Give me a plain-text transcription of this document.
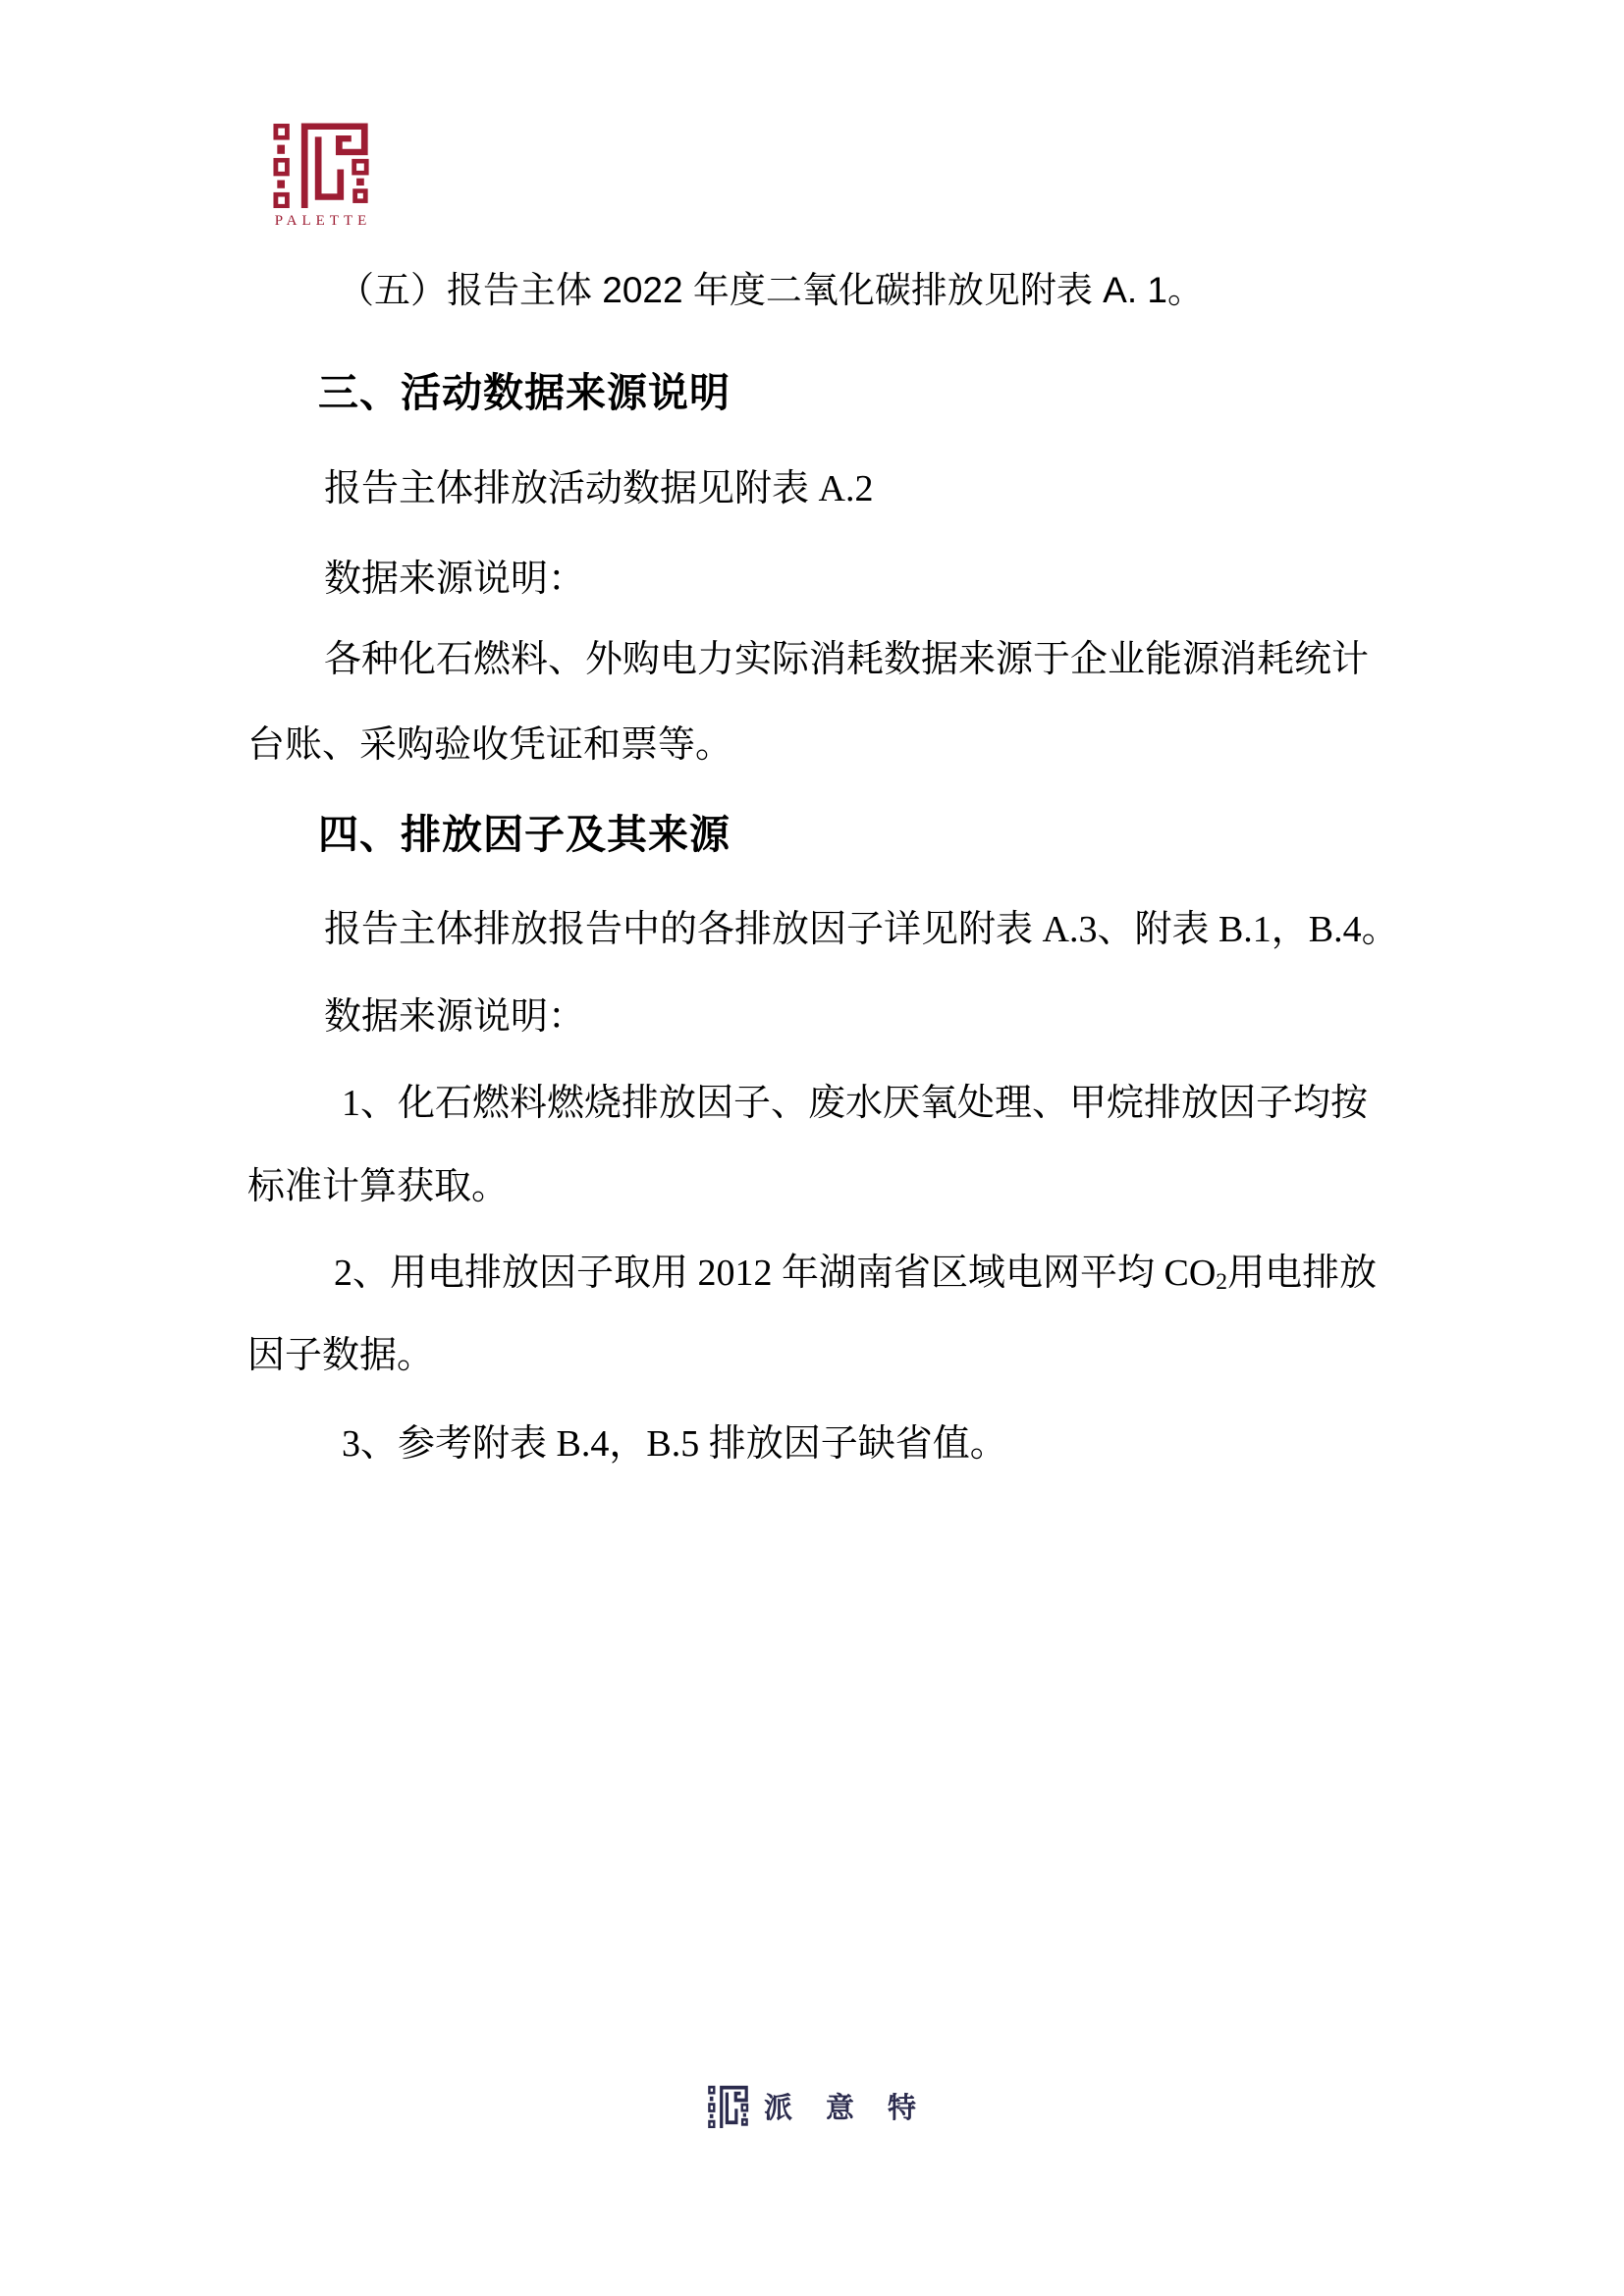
PALETTE
（五）报告主体 2022 年度二氧化碳排放见附表 A. 1。
三、活动数据来源说明
报告主体排放活动数据见附表 A.2
数据来源说明：
各种化石燃料、外购电力实际消耗数据来源于企业能源消耗统计
台账、采购验收凭证和票等。
四、排放因子及其来源
报告主体排放报告中的各排放因子详见附表 A.3、附表 B.1，B.4。
数据来源说明：
1、化石燃料燃烧排放因子、废水厌氧处理、甲烷排放因子均按
标准计算获取。
2、用电排放因子取用 2012 年湖南省区域电网平均 $CO_2$用电排放
因子数据。
3、参考附表 B.4，B.5 排放因子缺省值。
派意特
